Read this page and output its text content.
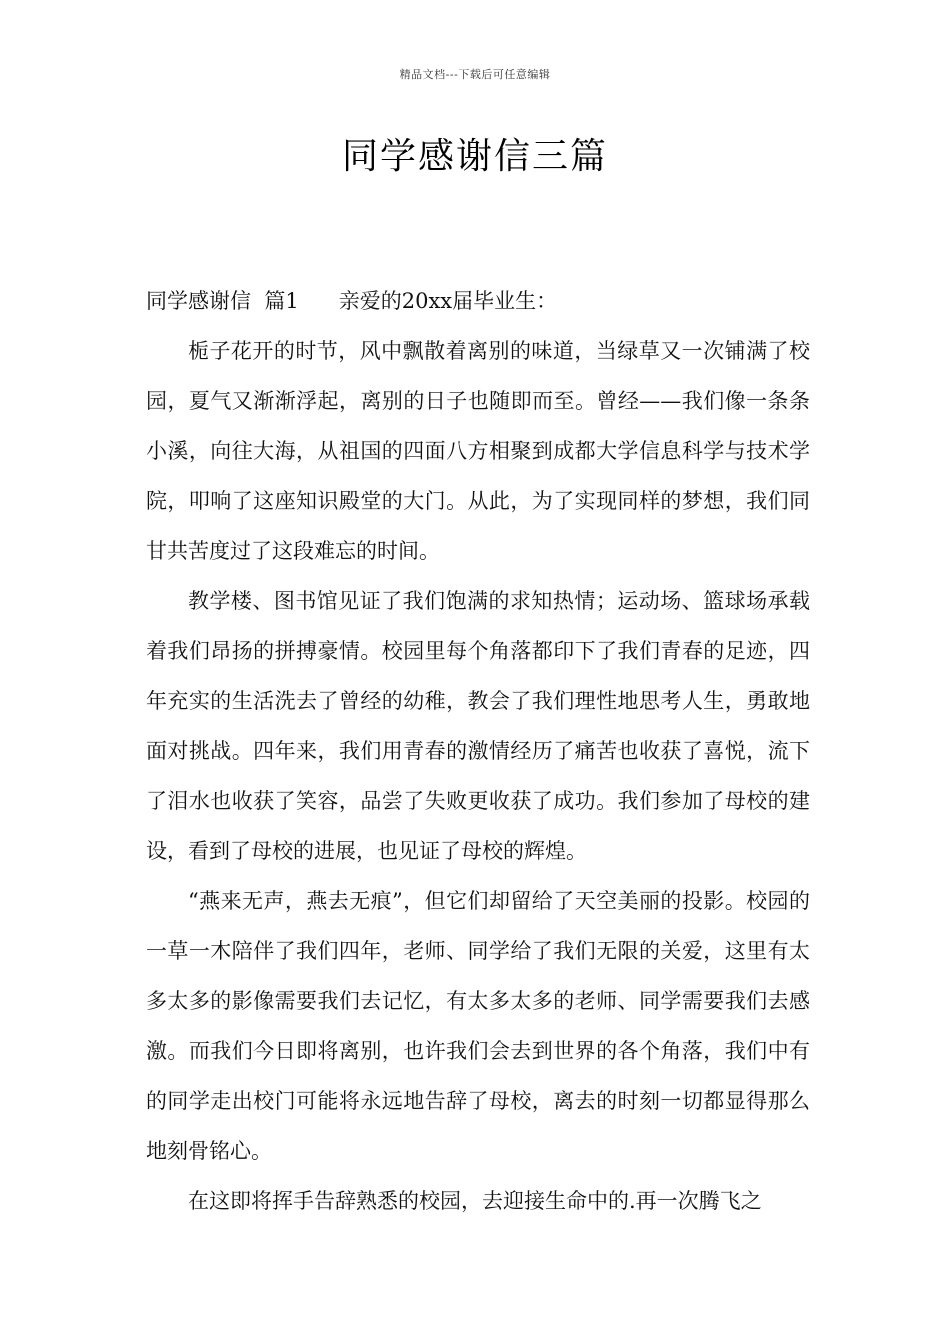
精品文档---下载后可任意编辑
同学感谢信三篇

同学感谢信  篇1 亲爱的20xx届毕业生：

栀子花开的时节，风中飘散着离别的味道，当绿草又一次铺满了校园，夏气又渐渐浮起，离别的日子也随即而至。曾经——我们像一条条小溪，向往大海，从祖国的四面八方相聚到成都大学信息科学与技术学院，叩响了这座知识殿堂的大门。从此，为了实现同样的梦想，我们同甘共苦度过了这段难忘的时间。

教学楼、图书馆见证了我们饱满的求知热情；运动场、篮球场承载着我们昂扬的拼搏豪情。校园里每个角落都印下了我们青春的足迹，四年充实的生活洗去了曾经的幼稚，教会了我们理性地思考人生，勇敢地面对挑战。四年来，我们用青春的激情经历了痛苦也收获了喜悦，流下了泪水也收获了笑容，品尝了失败更收获了成功。我们参加了母校的建设，看到了母校的进展，也见证了母校的辉煌。

“燕来无声，燕去无痕”，但它们却留给了天空美丽的投影。校园的一草一木陪伴了我们四年，老师、同学给了我们无限的关爱，这里有太多太多的影像需要我们去记忆，有太多太多的老师、同学需要我们去感激。而我们今日即将离别，也许我们会去到世界的各个角落，我们中有的同学走出校门可能将永远地告辞了母校，离去的时刻一切都显得那么地刻骨铭心。

在这即将挥手告辞熟悉的校园，去迎接生命中的.再一次腾飞之
